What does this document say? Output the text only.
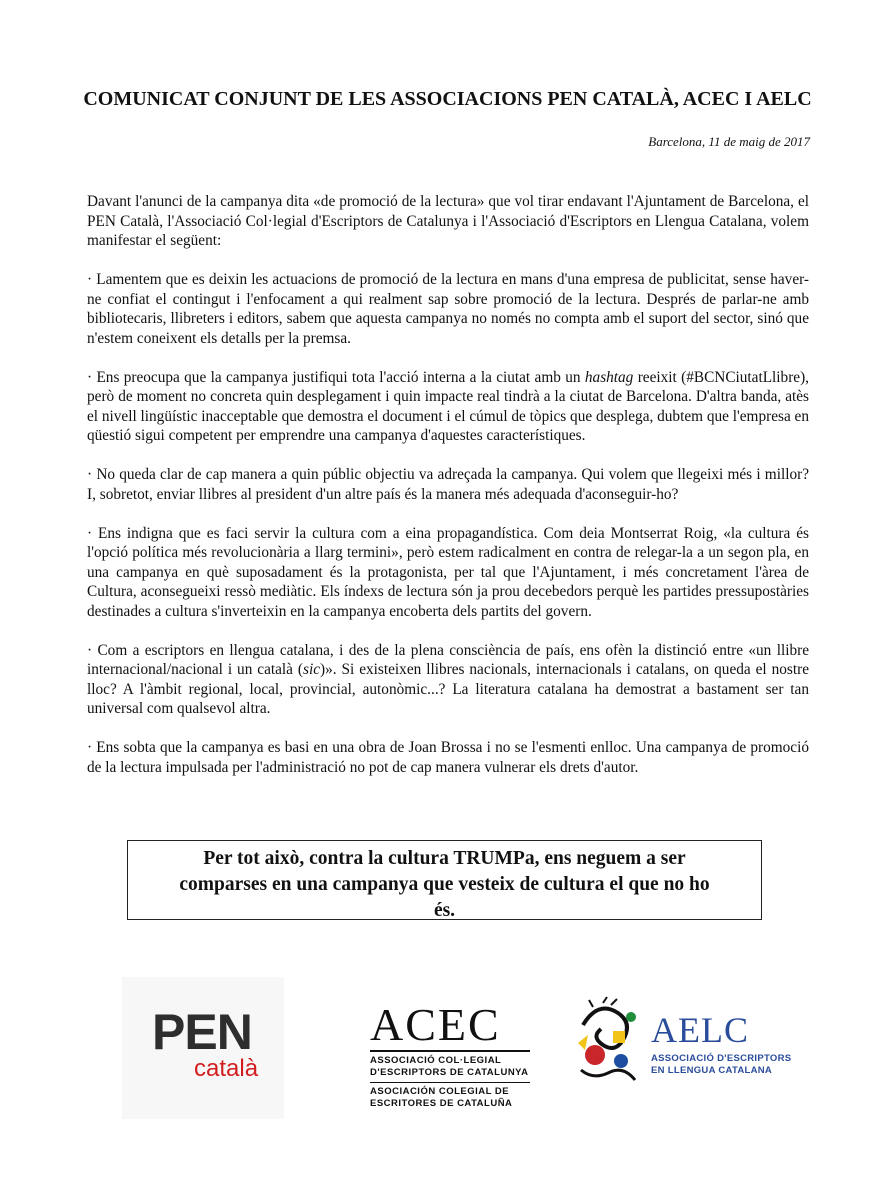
COMUNICAT CONJUNT DE LES ASSOCIACIONS PEN CATALÀ, ACEC I AELC
Barcelona, 11 de maig de 2017

Davant l'anunci de la campanya dita «de promoció de la lectura» que vol tirar endavant l'Ajuntament de Barcelona, el PEN Català, l'Associació Col·legial d'Escriptors de Catalunya i l'Associació d'Escriptors en Llengua Catalana, volem manifestar el següent:

· Lamentem que es deixin les actuacions de promoció de la lectura en mans d'una empresa de publicitat, sense haver-ne confiat el contingut i l'enfocament a qui realment sap sobre promoció de la lectura. Després de parlar-ne amb bibliotecaris, llibreters i editors, sabem que aquesta campanya no només no compta amb el suport del sector, sinó que n'estem coneixent els detalls per la premsa.

· Ens preocupa que la campanya justifiqui tota l'acció interna a la ciutat amb un hashtag reeixit (#BCNCiutatLlibre), però de moment no concreta quin desplegament i quin impacte real tindrà a la ciutat de Barcelona. D'altra banda, atès el nivell lingüístic inacceptable que demostra el document i el cúmul de tòpics que desplega, dubtem que l'empresa en qüestió sigui competent per emprendre una campanya d'aquestes característiques.

· No queda clar de cap manera a quin públic objectiu va adreçada la campanya. Qui volem que llegeixi més i millor? I, sobretot, enviar llibres al president d'un altre país és la manera més adequada d'aconseguir-ho?

· Ens indigna que es faci servir la cultura com a eina propagandística. Com deia Montserrat Roig, «la cultura és l'opció política més revolucionària a llarg termini», però estem radicalment en contra de relegar-la a un segon pla, en una campanya en què suposadament és la protagonista, per tal que l'Ajuntament, i més concretament l'àrea de Cultura, aconsegueixi ressò mediàtic. Els índexs de lectura són ja prou decebedors perquè les partides pressupostàries destinades a cultura s'inverteixin en la campanya encoberta dels partits del govern.

· Com a escriptors en llengua catalana, i des de la plena consciència de país, ens ofèn la distinció entre «un llibre internacional/nacional i un català (sic)». Si existeixen llibres nacionals, internacionals i catalans, on queda el nostre lloc? A l'àmbit regional, local, provincial, autonòmic...? La literatura catalana ha demostrat a bastament ser tan universal com qualsevol altra.

· Ens sobta que la campanya es basi en una obra de Joan Brossa i no se l'esmenti enlloc. Una campanya de promoció de la lectura impulsada per l'administració no pot de cap manera vulnerar els drets d'autor.

Per tot això, contra la cultura TRUMPa, ens neguem a ser comparses en una campanya que vesteix de cultura el que no ho és.
PEN
català
ACEC
ASSOCIACIÓ COL·LEGIAL
D'ESCRIPTORS DE CATALUNYA
ASOCIACIÓN COLEGIAL DE
ESCRITORES DE CATALUÑA
AELC
ASSOCIACIÓ D'ESCRIPTORS
EN LLENGUA CATALANA
